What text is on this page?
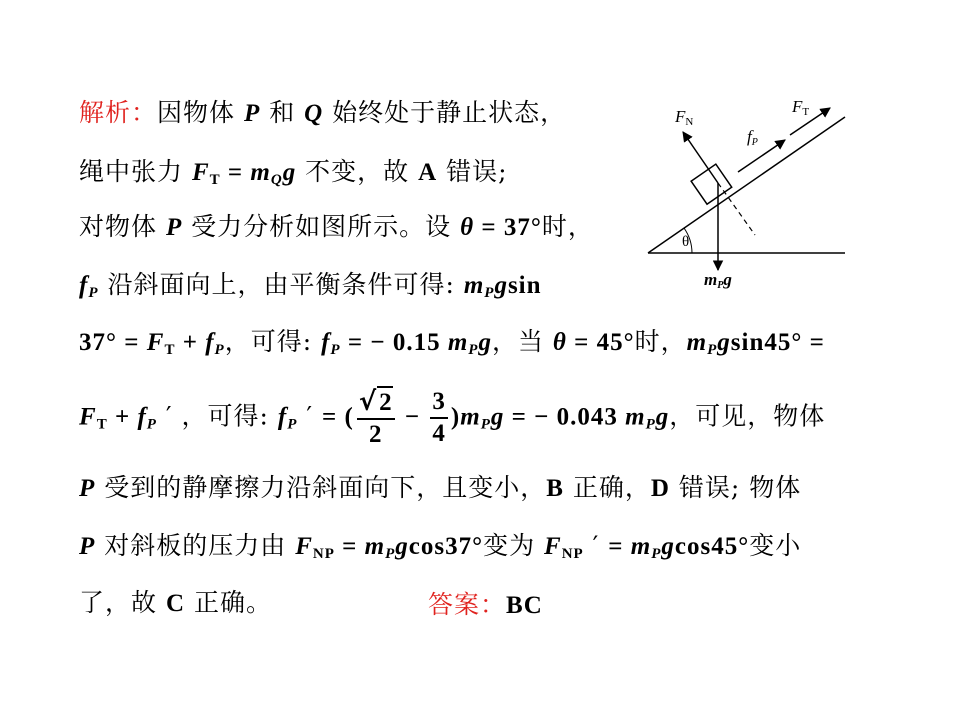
解析：因物体 P 和 Q 始终处于静止状态，
绳中张力 $F_T = m_Qg$ 不变，故 A 错误;
对物体 P 受力分析如图所示。设 θ = 37°时，
$f_P$ 沿斜面向上，由平衡条件可得: $m_Pgsin$
$37^\circ = F_T + f_P$，可得: $f_P$ = − 0.15 $m_Pg$，当 θ = 45°时，$m_Pgsin45^\circ$ =
$F_T + f_P$ ′ ，可得: $f_P$ ′ = ( $\frac{√2}{2} - \frac{3}{4} )m_Pg$ = − 0.043 $m_Pg$，可见，物体
P 受到的静摩擦力沿斜面向下，且变小，B 正确，D 错误; 物体
P 对斜板的压力由 $F_{NP} = m_Pgcos37^\circ$变为 $F_{NP}$ ′ = $m_Pgcos45^\circ$变小
了，故 C 正确。	答案：BC
FT
fP
FN
θ
mPg
